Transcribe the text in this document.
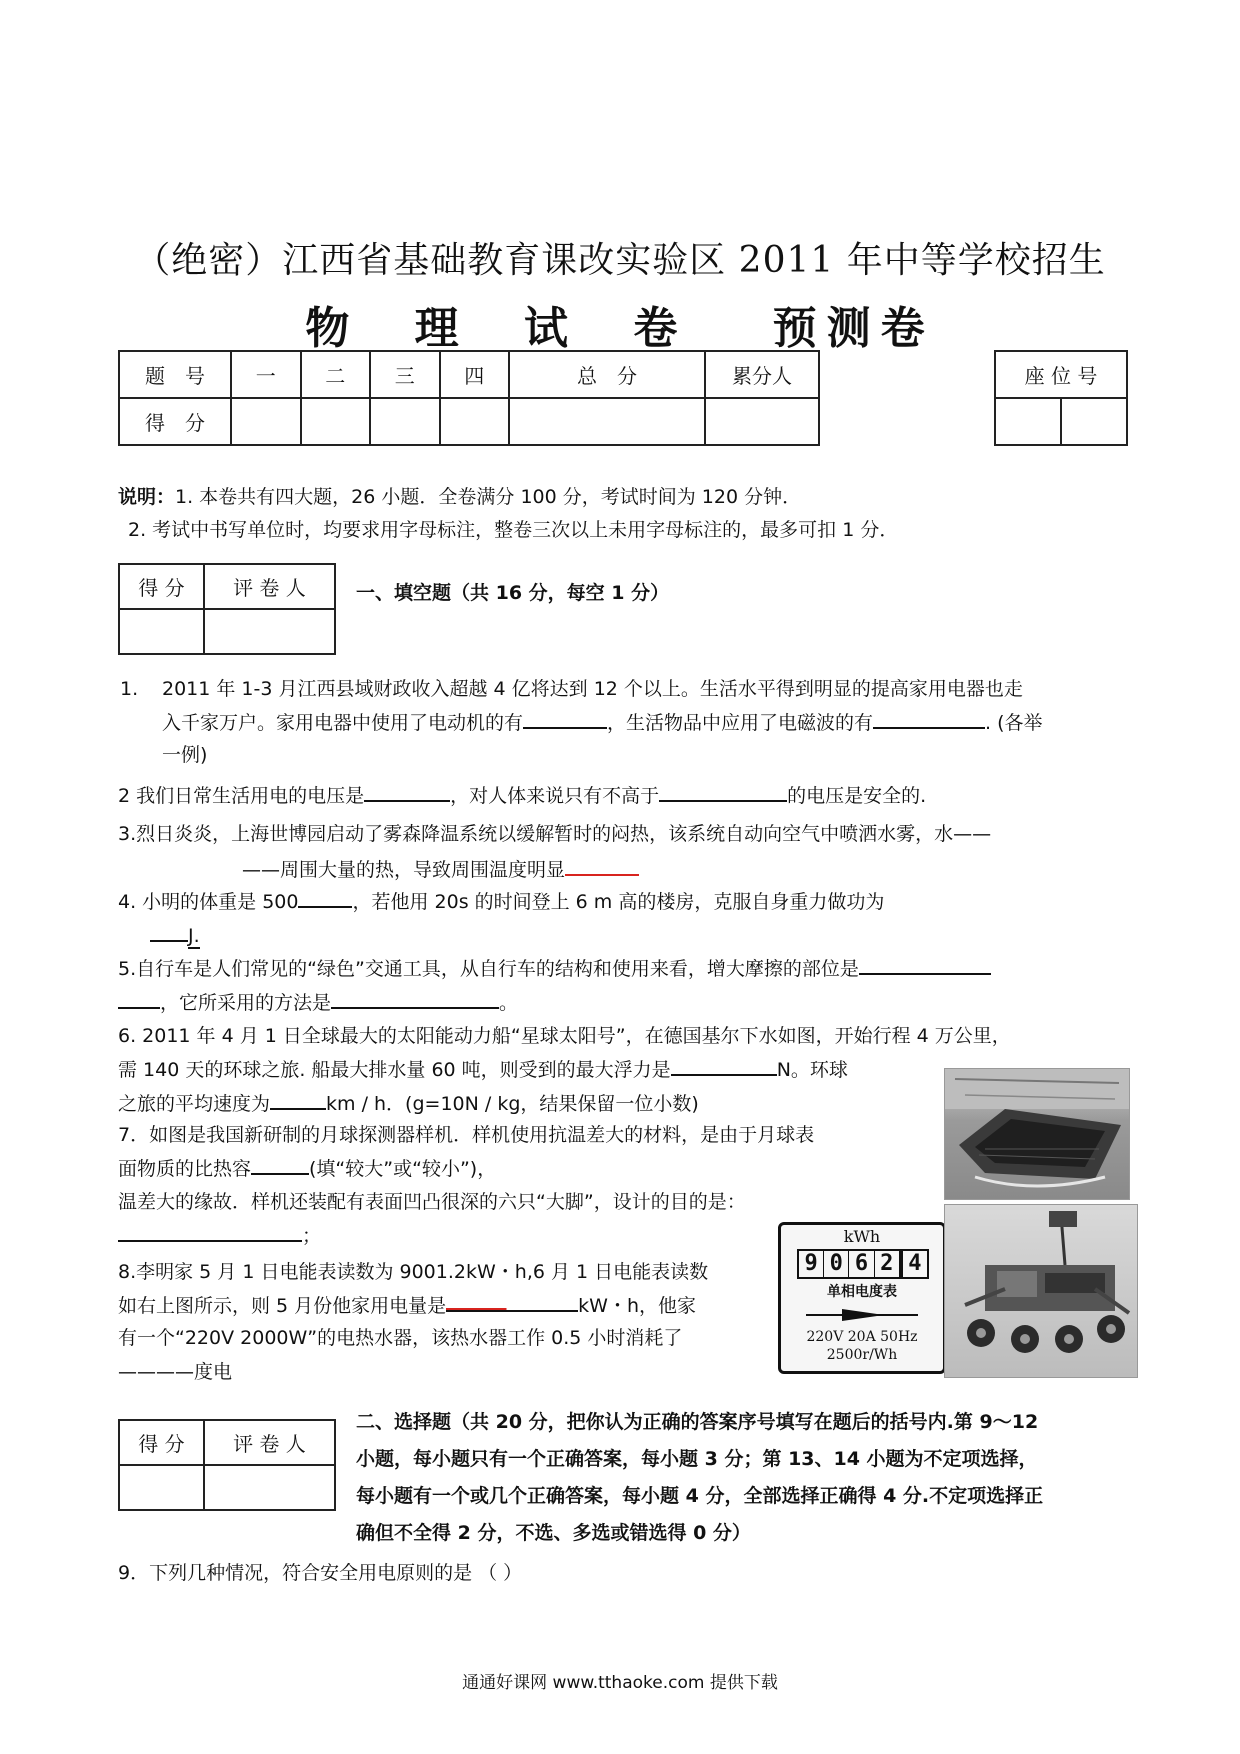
（绝密）江西省基础教育课改实验区 2011 年中等学校招生
物 理 试 卷 预测卷
题　号	一	二	三	四	总　分	累分人
得　分						
座 位 号

说明：1. 本卷共有四大题，26 小题．全卷满分 100 分，考试时间为 120 分钟．
2. 考试中书写单位时，均要求用字母标注，整卷三次以上未用字母标注的，最多可扣 1 分．
得 分	评 卷 人
		一、填空题（共 16 分，每空 1 分）
1. 2011 年 1-3 月江西县域财政收入超越 4 亿将达到 12 个以上。生活水平得到明显的提高家用电器也走
入千家万户。家用电器中使用了电动机的有	，生活物品中应用了电磁波的有	. (各举
一例)
2 我们日常生活用电的电压是	，对人体来说只有不高于	的电压是安全的.
3.烈日炎炎，上海世博园启动了雾森降温系统以缓解暂时的闷热，该系统自动向空气中喷洒水雾，水——
——周围大量的热，导致周围温度明显
4. 小明的体重是 500	，若他用 20s 的时间登上 6 m 高的楼房，克服自身重力做功为
J.
5.自行车是人们常见的“绿色”交通工具，从自行车的结构和使用来看，增大摩擦的部位是
，它所采用的方法是	。
6. 2011 年 4 月 1 日全球最大的太阳能动力船“星球太阳号”，在德国基尔下水如图，开始行程 4 万公里，
需 140 天的环球之旅. 船最大排水量 60 吨，则受到的最大浮力是	N。环球
之旅的平均速度为	km / h．(g=10N / kg，结果保留一位小数)
7．如图是我国新研制的月球探测器样机．样机使用抗温差大的材料，是由于月球表
面物质的比热容	(填“较大”或“较小”)，
温差大的缘故．样机还装配有表面凹凸很深的六只“大脚”，设计的目的是：
；	kWh
9 0 6 2 4
单相电度表
220V 20A 50Hz
2500r/Wh
8.李明家 5 月 1 日电能表读数为 9001.2kW・h,6 月 1 日电能表读数
如右上图所示，则 5 月份他家用电量是	kW・h，他家
有一个“220V 2000W”的电热水器，该热水器工作 0.5 小时消耗了
————度电
得 分	评 卷 人

二、选择题（共 20 分，把你认为正确的答案序号填写在题后的括号内.第 9～12
小题，每小题只有一个正确答案，每小题 3 分；第 13、14 小题为不定项选择，
每小题有一个或几个正确答案，每小题 4 分，全部选择正确得 4 分.不定项选择正
确但不全得 2 分，不选、多选或错选得 0 分）
9．下列几种情况，符合安全用电原则的是 （ ）
通通好课网 www.tthaoke.com 提供下载
